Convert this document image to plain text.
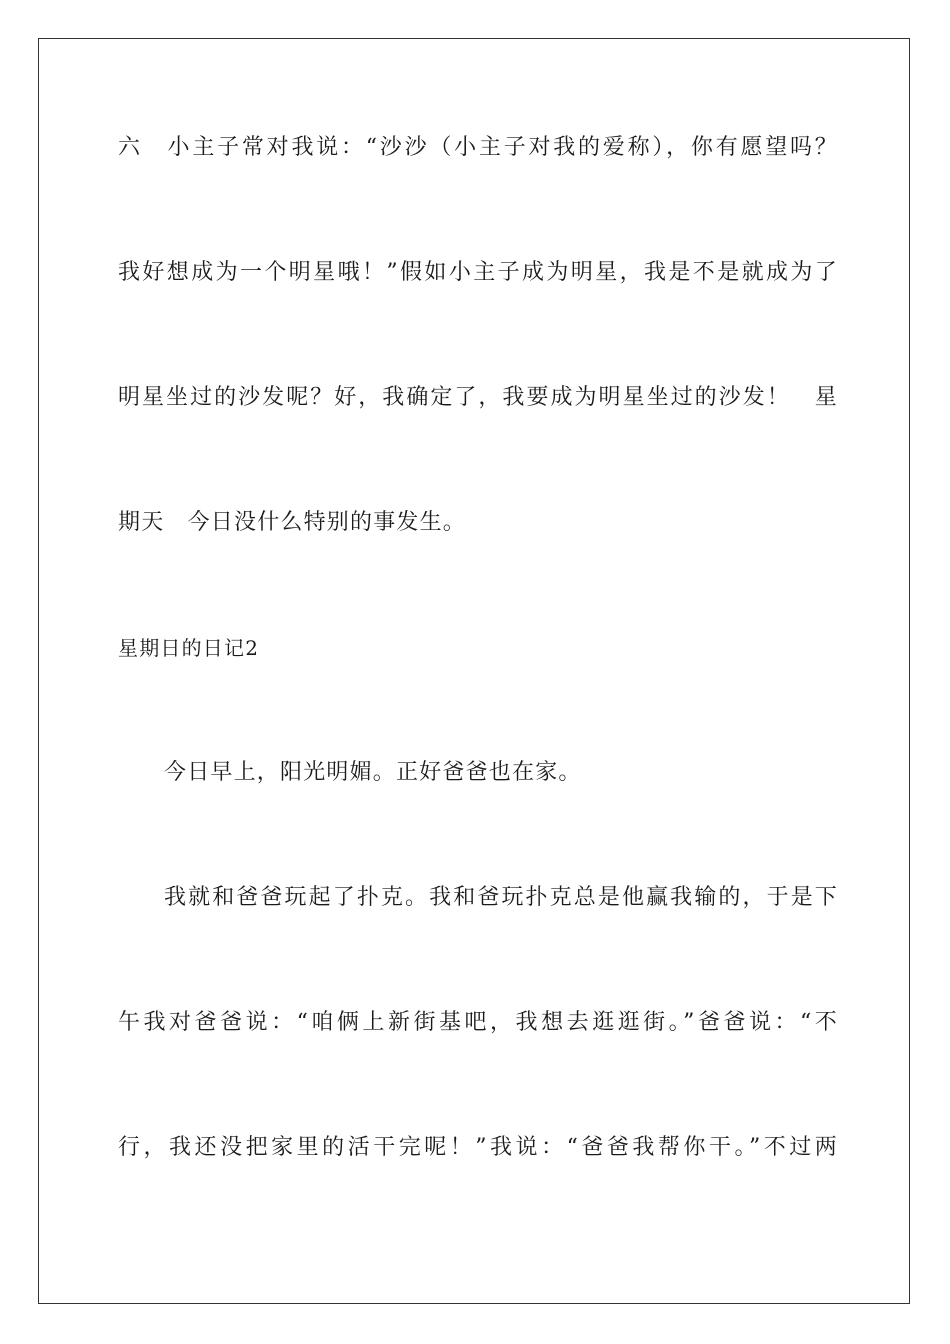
六　小主子常对我说：“沙沙（小主子对我的爱称），你有愿望吗？
我好想成为一个明星哦！”假如小主子成为明星，我是不是就成为了
明星坐过的沙发呢？好，我确定了，我要成为明星坐过的沙发！　星
期天　今日没什么特别的事发生。
星期日的日记2
今日早上，阳光明媚。正好爸爸也在家。
我就和爸爸玩起了扑克。我和爸玩扑克总是他赢我输的，于是下
午我对爸爸说：“咱俩上新街基吧，我想去逛逛街。”爸爸说：“不
行，我还没把家里的活干完呢！”我说：“爸爸我帮你干。”不过两
